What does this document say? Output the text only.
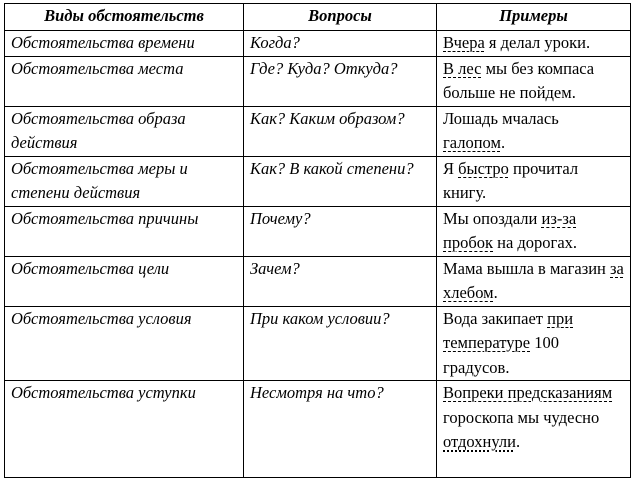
Виды обстоятельств	Вопросы	Примеры
Обстоятельства времени	Когда?	Вчера я делал уроки.
Обстоятельства места	Где? Куда? Откуда?	В лес мы без компаса больше не пойдем.
Обстоятельства образа действия	Как? Каким образом?	Лошадь мчалась галопом.
Обстоятельства меры и степени действия	Как? В какой степени?	Я быстро прочитал книгу.
Обстоятельства причины	Почему?	Мы опоздали из-за пробок на дорогах.
Обстоятельства цели	Зачем?	Мама вышла в магазин за хлебом.
Обстоятельства условия	При каком условии?	Вода закипает при температуре 100 градусов.
Обстоятельства уступки	Несмотря на что?	Вопреки предсказаниям гороскопа мы чудесно отдохнули.
